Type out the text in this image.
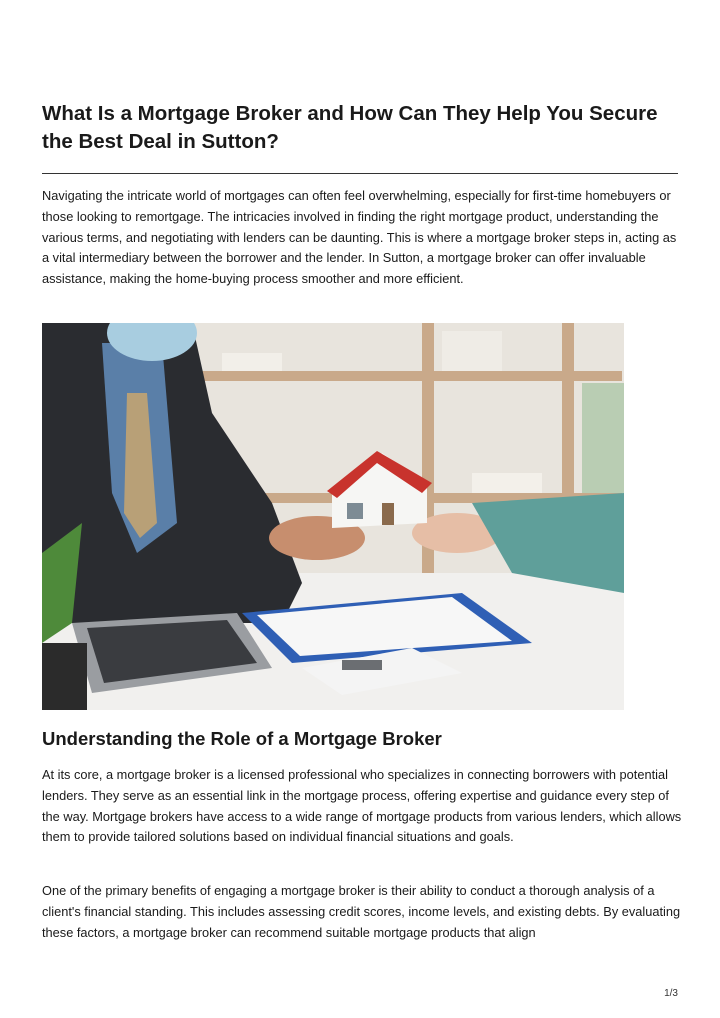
What Is a Mortgage Broker and How Can They Help You Secure the Best Deal in Sutton?

Navigating the intricate world of mortgages can often feel overwhelming, especially for first-time homebuyers or those looking to remortgage. The intricacies involved in finding the right mortgage product, understanding the various terms, and negotiating with lenders can be daunting. This is where a mortgage broker steps in, acting as a vital intermediary between the borrower and the lender. In Sutton, a mortgage broker can offer invaluable assistance, making the home-buying process smoother and more efficient.

Understanding the Role of a Mortgage Broker

At its core, a mortgage broker is a licensed professional who specializes in connecting borrowers with potential lenders. They serve as an essential link in the mortgage process, offering expertise and guidance every step of the way. Mortgage brokers have access to a wide range of mortgage products from various lenders, which allows them to provide tailored solutions based on individual financial situations and goals.

One of the primary benefits of engaging a mortgage broker is their ability to conduct a thorough analysis of a client's financial standing. This includes assessing credit scores, income levels, and existing debts. By evaluating these factors, a mortgage broker can recommend suitable mortgage products that align

1/3
